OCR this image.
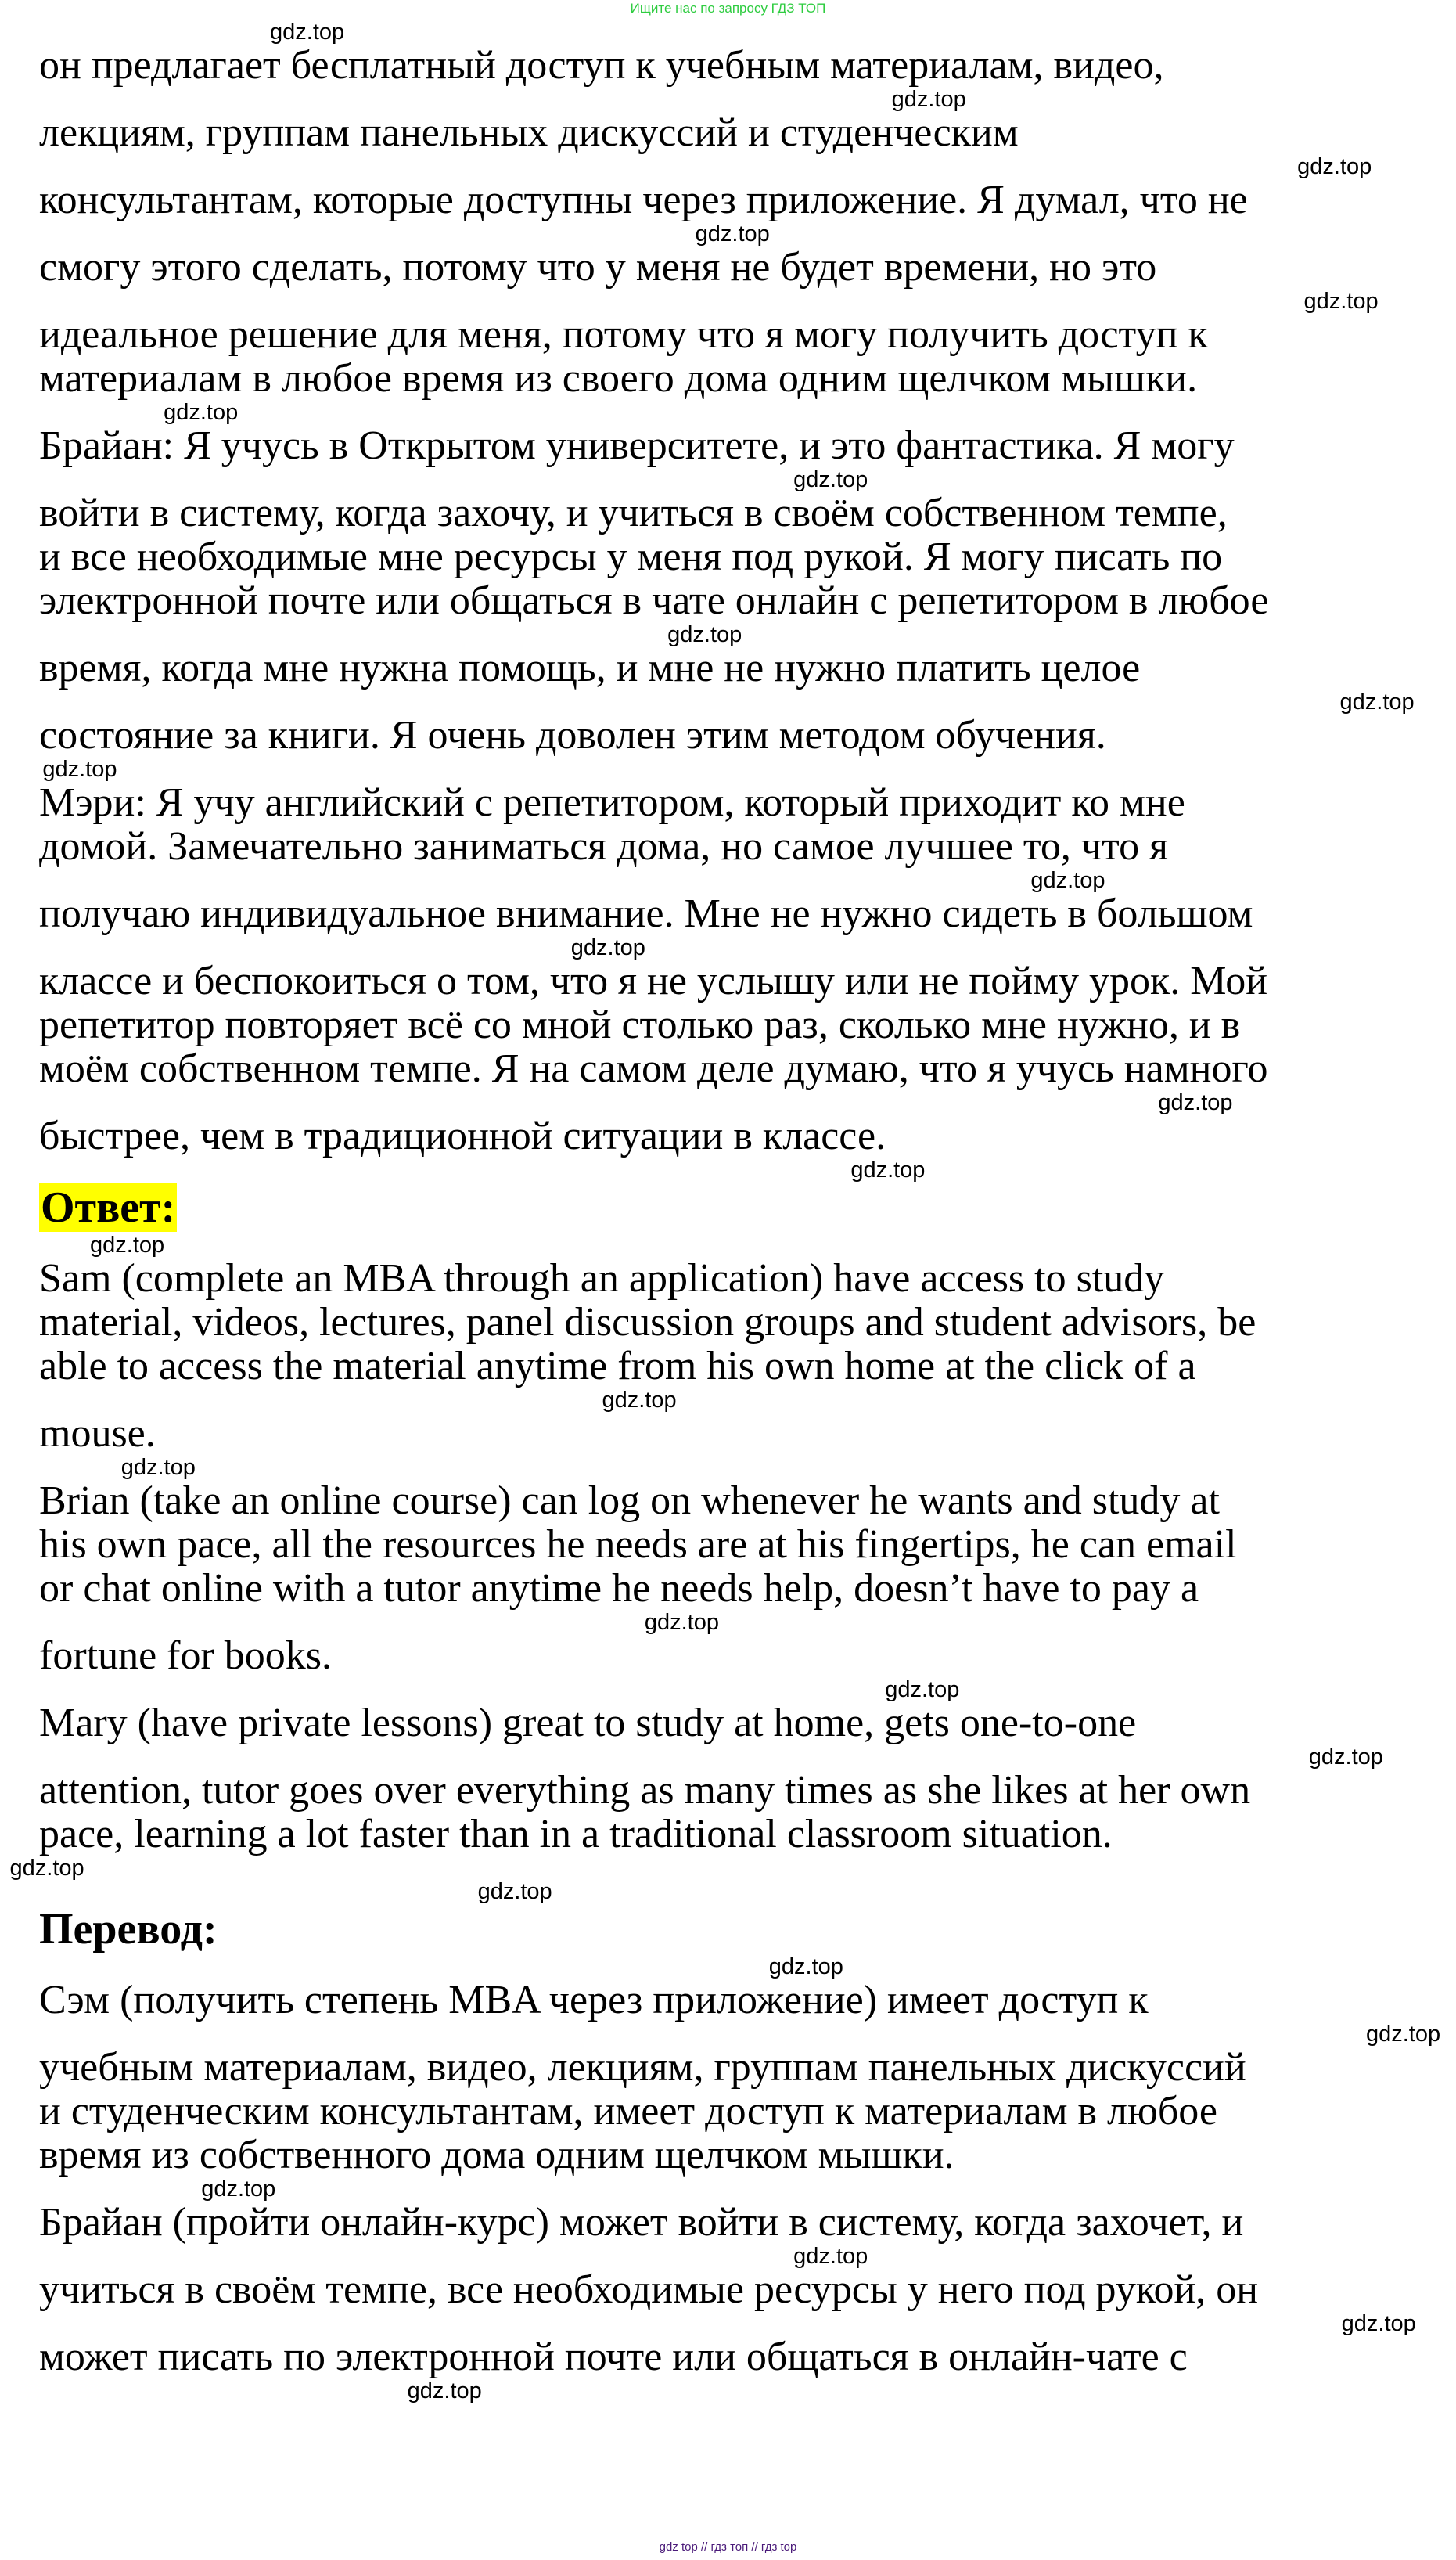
Ищите нас по запросу ГДЗ ТОП
gdz.top
он предлагает бесплатный доступ к учебным материалам, видео,
gdz.top
лекциям, группам панельных дискуссий и студенческим
gdz.top
консультантам, которые доступны через приложение. Я думал, что не
gdz.top
смогу этого сделать, потому что у меня не будет времени, но это
gdz.top
идеальное решение для меня, потому что я могу получить доступ к
материалам в любое время из своего дома одним щелчком мышки.
gdz.top
Брайан: Я учусь в Открытом университете, и это фантастика. Я могу
gdz.top
войти в систему, когда захочу, и учиться в своём собственном темпе,
и все необходимые мне ресурсы у меня под рукой. Я могу писать по
электронной почте или общаться в чате онлайн с репетитором в любое
gdz.top
время, когда мне нужна помощь, и мне не нужно платить целое
gdz.top
состояние за книги. Я очень доволен этим методом обучения.
gdz.top
Мэри: Я учу английский с репетитором, который приходит ко мне
домой. Замечательно заниматься дома, но самое лучшее то, что я
gdz.top
получаю индивидуальное внимание. Мне не нужно сидеть в большом
gdz.top
классе и беспокоиться о том, что я не услышу или не пойму урок. Мой
репетитор повторяет всё со мной столько раз, сколько мне нужно, и в
моём собственном темпе. Я на самом деле думаю, что я учусь намного
gdz.top
быстрее, чем в традиционной ситуации в классе.
gdz.top
Ответ:
gdz.top
Sam (complete an MBA through an application) have access to study
material, videos, lectures, panel discussion groups and student advisors, be
able to access the material anytime from his own home at the click of a
gdz.top
mouse.
gdz.top
Brian (take an online course) can log on whenever he wants and study at
his own pace, all the resources he needs are at his fingertips, he can email
or chat online with a tutor anytime he needs help, doesn’t have to pay a
gdz.top
fortune for books.
gdz.top
Mary (have private lessons) great to study at home, gets one-to-one
gdz.top
attention, tutor goes over everything as many times as she likes at her own
pace, learning a lot faster than in a traditional classroom situation.
gdz.top
gdz.top
Перевод:
gdz.top
Сэм (получить степень MBA через приложение) имеет доступ к
gdz.top
учебным материалам, видео, лекциям, группам панельных дискуссий
и студенческим консультантам, имеет доступ к материалам в любое
время из собственного дома одним щелчком мышки.
gdz.top
Брайан (пройти онлайн-курс) может войти в систему, когда захочет, и
gdz.top
учиться в своём темпе, все необходимые ресурсы у него под рукой, он
gdz.top
может писать по электронной почте или общаться в онлайн-чате с
gdz.top
gdz top // гдз топ // гдз top
